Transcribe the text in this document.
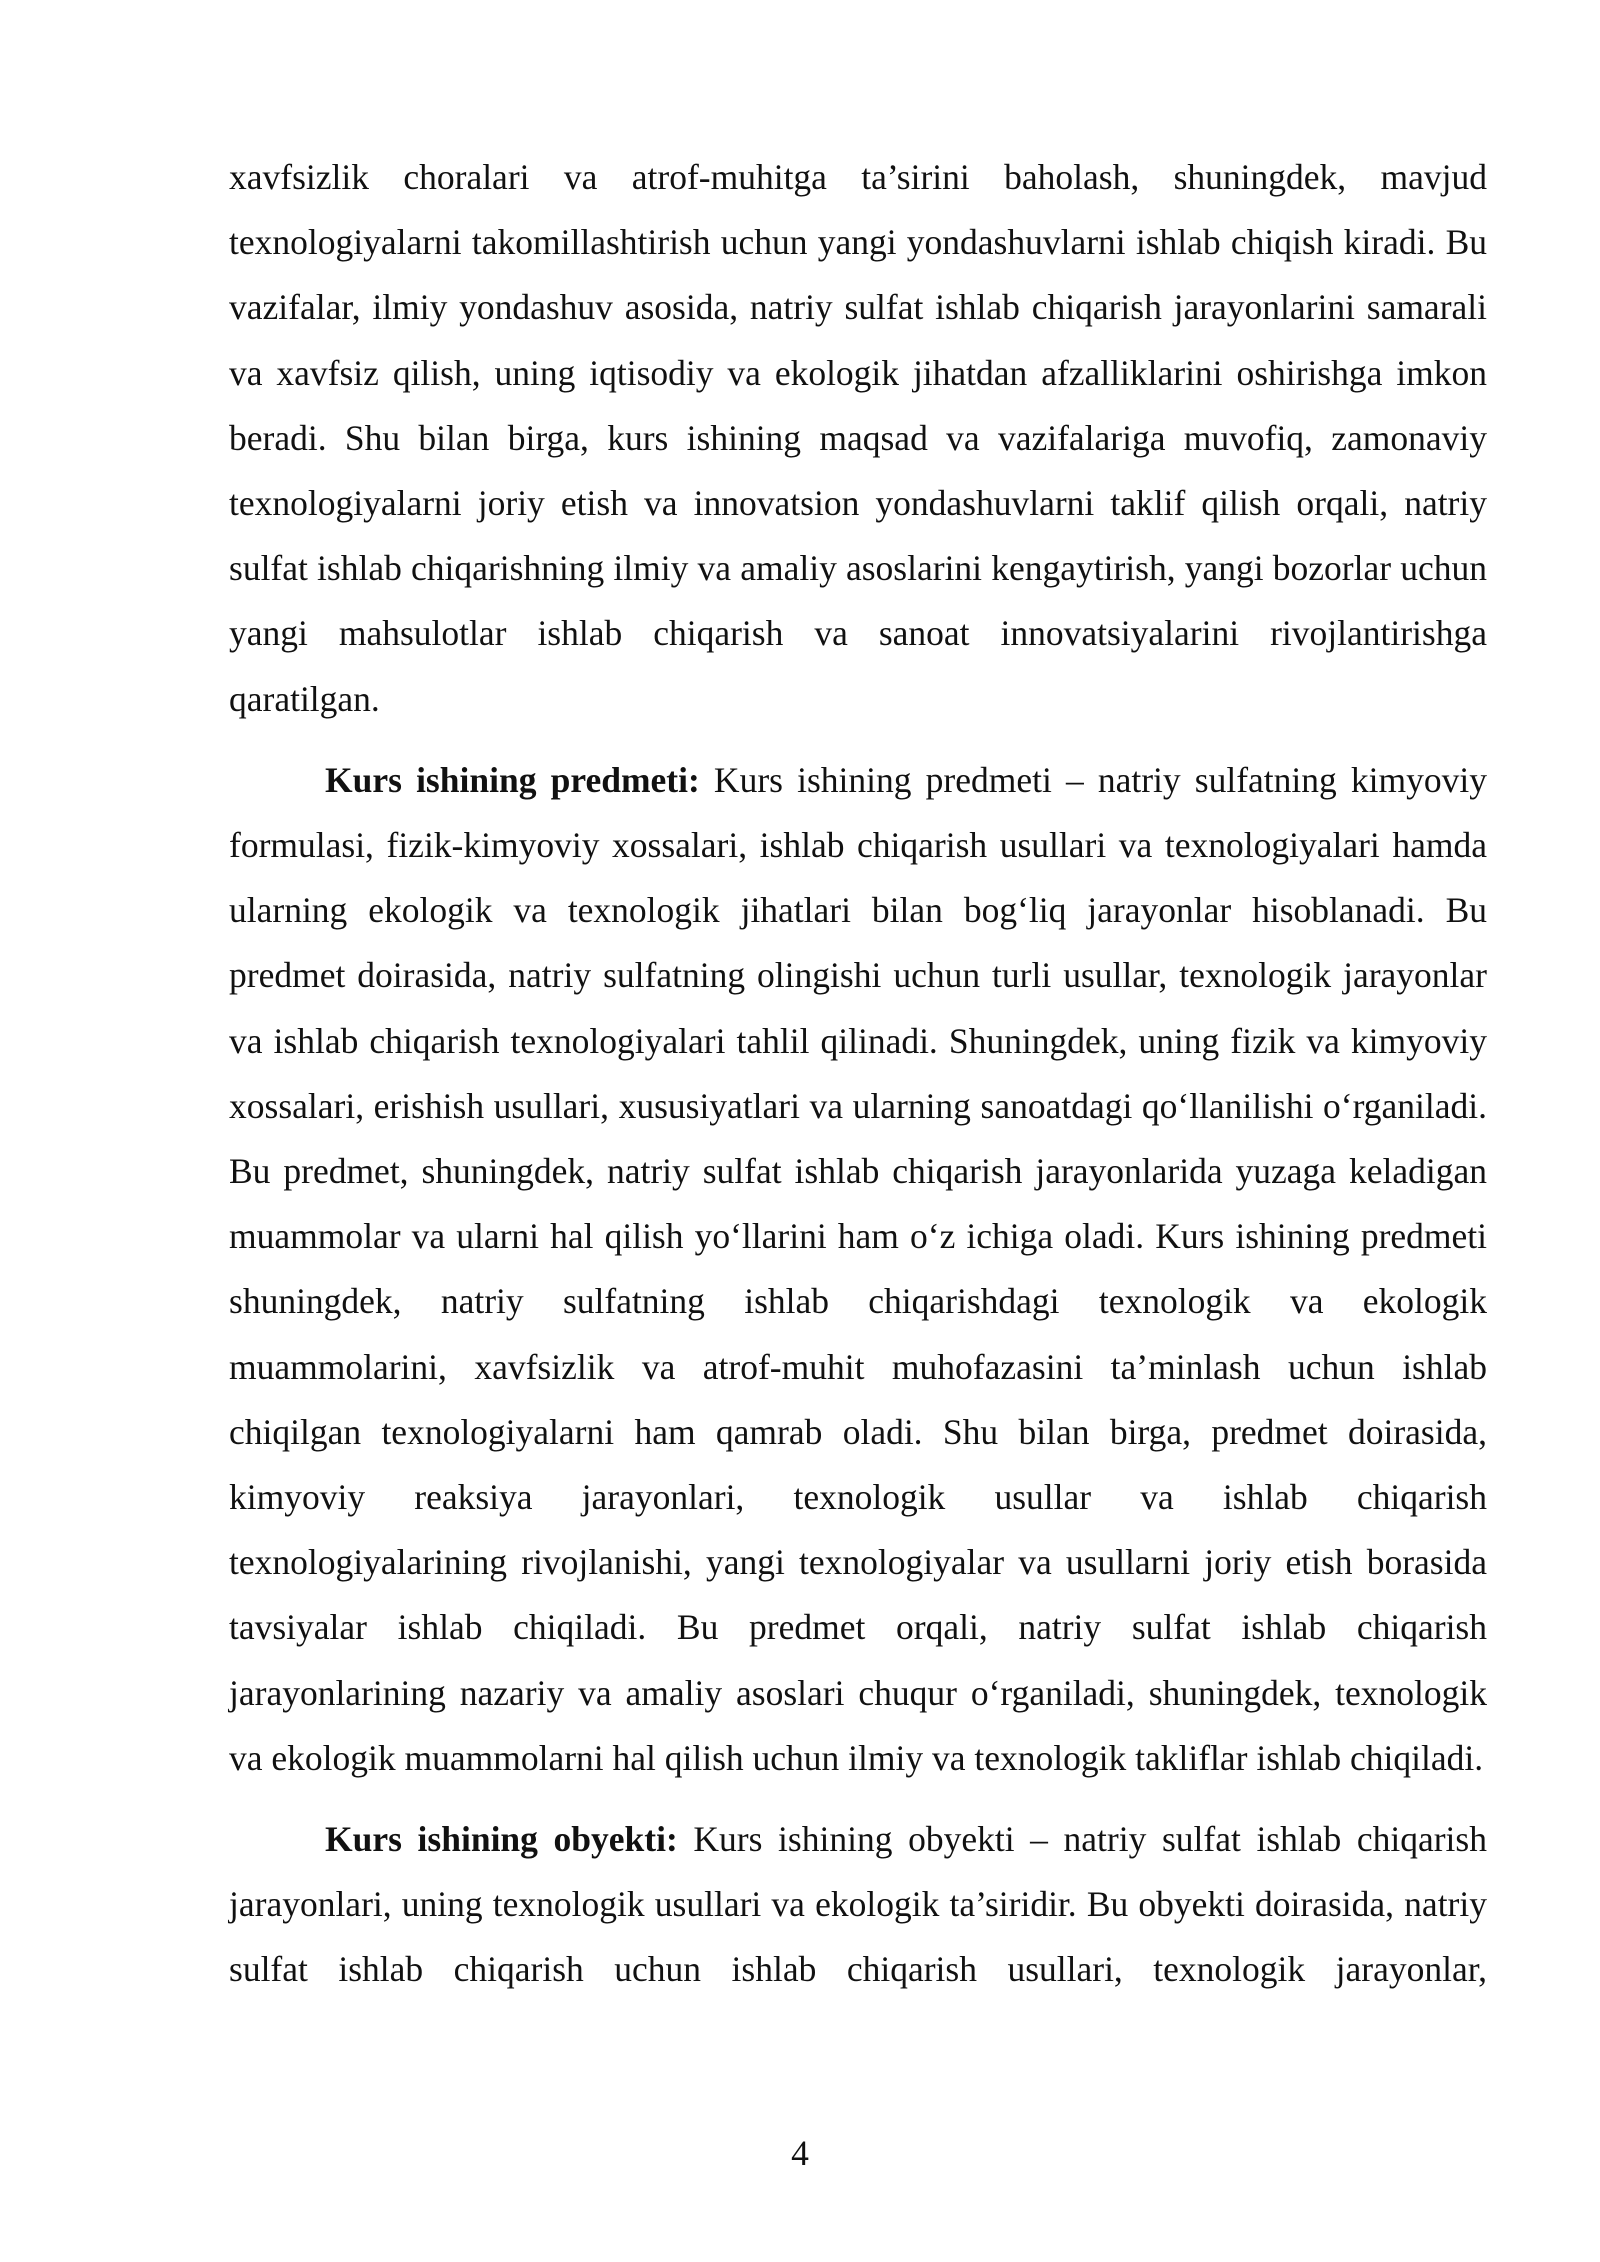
xavfsizlik choralari va atrof-muhitga ta’sirini baholash, shuningdek, mavjud texnologiyalarni takomillashtirish uchun yangi yondashuvlarni ishlab chiqish kiradi. Bu vazifalar, ilmiy yondashuv asosida, natriy sulfat ishlab chiqarish jarayonlarini samarali va xavfsiz qilish, uning iqtisodiy va ekologik jihatdan afzalliklarini oshirishga imkon beradi. Shu bilan birga, kurs ishining maqsad va vazifalariga muvofiq, zamonaviy texnologiyalarni joriy etish va innovatsion yondashuvlarni taklif qilish orqali, natriy sulfat ishlab chiqarishning ilmiy va amaliy asoslarini kengaytirish, yangi bozorlar uchun yangi mahsulotlar ishlab chiqarish va sanoat innovatsiyalarini rivojlantirishga qaratilgan.

Kurs ishining predmeti: Kurs ishining predmeti – natriy sulfatning kimyoviy formulasi, fizik-kimyoviy xossalari, ishlab chiqarish usullari va texnologiyalari hamda ularning ekologik va texnologik jihatlari bilan bog‘liq jarayonlar hisoblanadi. Bu predmet doirasida, natriy sulfatning olingishi uchun turli usullar, texnologik jarayonlar va ishlab chiqarish texnologiyalari tahlil qilinadi. Shuningdek, uning fizik va kimyoviy xossalari, erishish usullari, xususiyatlari va ularning sanoatdagi qo‘llanilishi o‘rganiladi. Bu predmet, shuningdek, natriy sulfat ishlab chiqarish jarayonlarida yuzaga keladigan muammolar va ularni hal qilish yo‘llarini ham o‘z ichiga oladi. Kurs ishining predmeti shuningdek, natriy sulfatning ishlab chiqarishdagi texnologik va ekologik muammolarini, xavfsizlik va atrof-muhit muhofazasini ta’minlash uchun ishlab chiqilgan texnologiyalarni ham qamrab oladi. Shu bilan birga, predmet doirasida, kimyoviy reaksiya jarayonlari, texnologik usullar va ishlab chiqarish texnologiyalarining rivojlanishi, yangi texnologiyalar va usullarni joriy etish borasida tavsiyalar ishlab chiqiladi. Bu predmet orqali, natriy sulfat ishlab chiqarish jarayonlarining nazariy va amaliy asoslari chuqur o‘rganiladi, shuningdek, texnologik va ekologik muammolarni hal qilish uchun ilmiy va texnologik takliflar ishlab chiqiladi.

Kurs ishining obyekti: Kurs ishining obyekti – natriy sulfat ishlab chiqarish jarayonlari, uning texnologik usullari va ekologik ta’siridir. Bu obyekti doirasida, natriy sulfat ishlab chiqarish uchun ishlab chiqarish usullari, texnologik jarayonlar,

4
